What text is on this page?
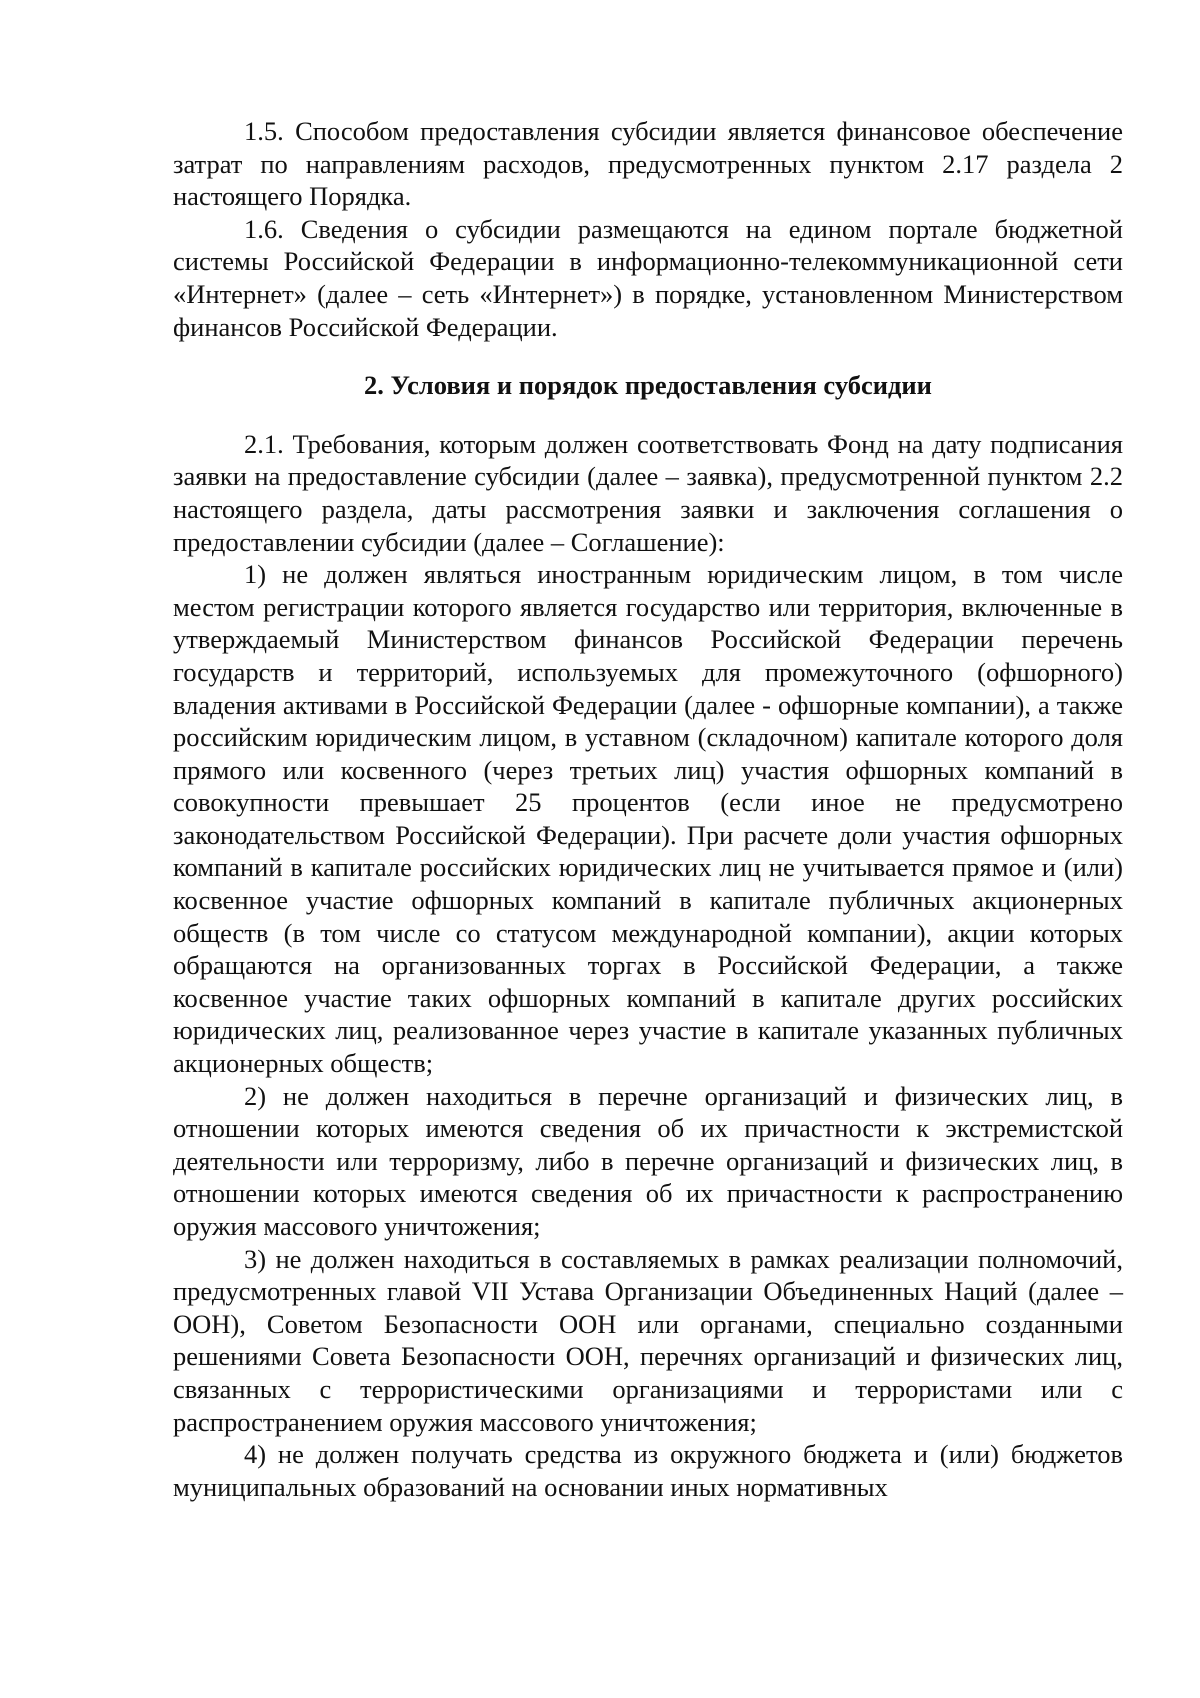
1.5. Способом предоставления субсидии является финансовое обеспечение затрат по направлениям расходов, предусмотренных пунктом 2.17 раздела 2 настоящего Порядка.

1.6. Сведения о субсидии размещаются на едином портале бюджетной системы Российской Федерации в информационно-телекоммуникационной сети «Интернет» (далее – сеть «Интернет») в порядке, установленном Министерством финансов Российской Федерации.

2. Условия и порядок предоставления субсидии

2.1. Требования, которым должен соответствовать Фонд на дату подписания заявки на предоставление субсидии (далее – заявка), предусмотренной пунктом 2.2 настоящего раздела, даты рассмотрения заявки и заключения соглашения о предоставлении субсидии (далее – Соглашение):

1) не должен являться иностранным юридическим лицом, в том числе местом регистрации которого является государство или территория, включенные в утверждаемый Министерством финансов Российской Федерации перечень государств и территорий, используемых для промежуточного (офшорного) владения активами в Российской Федерации (далее - офшорные компании), а также российским юридическим лицом, в уставном (складочном) капитале которого доля прямого или косвенного (через третьих лиц) участия офшорных компаний в совокупности превышает 25 процентов (если иное не предусмотрено законодательством Российской Федерации). При расчете доли участия офшорных компаний в капитале российских юридических лиц не учитывается прямое и (или) косвенное участие офшорных компаний в капитале публичных акционерных обществ (в том числе со статусом международной компании), акции которых обращаются на организованных торгах в Российской Федерации, а также косвенное участие таких офшорных компаний в капитале других российских юридических лиц, реализованное через участие в капитале указанных публичных акционерных обществ;

2) не должен находиться в перечне организаций и физических лиц, в отношении которых имеются сведения об их причастности к экстремистской деятельности или терроризму, либо в перечне организаций и физических лиц, в отношении которых имеются сведения об их причастности к распространению оружия массового уничтожения;

3) не должен находиться в составляемых в рамках реализации полномочий, предусмотренных главой VII Устава Организации Объединенных Наций (далее – ООН), Советом Безопасности ООН или органами, специально созданными решениями Совета Безопасности ООН, перечнях организаций и физических лиц, связанных с террористическими организациями и террористами или с распространением оружия массового уничтожения;

4) не должен получать средства из окружного бюджета и (или) бюджетов муниципальных образований на основании иных нормативных
